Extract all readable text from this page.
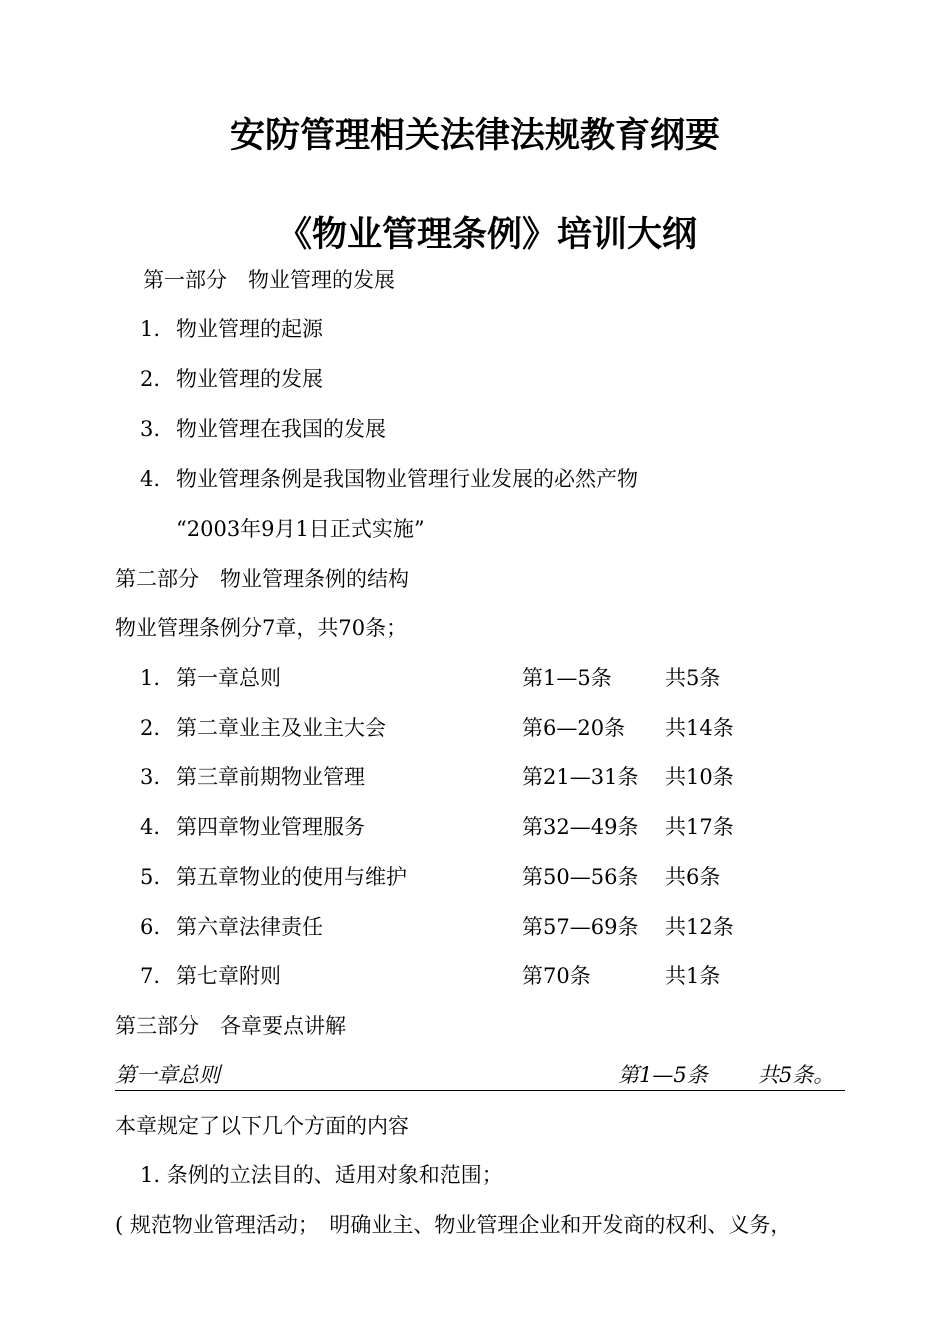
安防管理相关法律法规教育纲要
《物业管理条例》培训大纲
第一部分　物业管理的发展
1. 物业管理的起源
2. 物业管理的发展
3. 物业管理在我国的发展
4. 物业管理条例是我国物业管理行业发展的必然产物
“2003年9月1日正式实施”
第二部分　物业管理条例的结构
物业管理条例分7章，共70条；
1. 第一章总则	第1—5条	共5条
2. 第二章业主及业主大会	第6—20条 共14条
3. 第三章前期物业管理	第21—31条 共10条
4. 第四章物业管理服务	第32—49条 共17条
5. 第五章物业的使用与维护	第50—56条 共6条
6. 第六章法律责任	第57—69条 共12条
7. 第七章附则	第70条	共1条
第三部分　各章要点讲解
第一章总则	第1—5条 共5条。
本章规定了以下几个方面的内容
1. 条例的立法目的、适用对象和范围；
( 规范物业管理活动；　明确业主、物业管理企业和开发商的权利、义务，
